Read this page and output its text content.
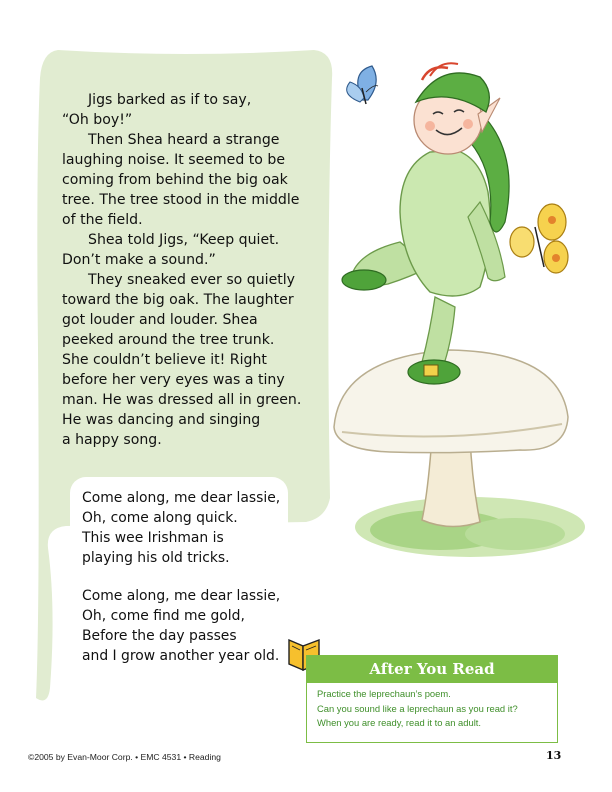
Jigs barked as if to say,

“Oh boy!”

Then Shea heard a strange

laughing noise. It seemed to be
coming from behind the big oak
tree. The tree stood in the middle
of the field.

Shea told Jigs, “Keep quiet.

Don’t make a sound.”

They sneaked ever so quietly

toward the big oak. The laughter
got louder and louder. Shea
peeked around the tree trunk.
She couldn’t believe it! Right
before her very eyes was a tiny
man. He was dressed all in green.
He was dancing and singing
a happy song.
Come along, me dear lassie,
Oh, come along quick.
This wee Irishman is
playing his old tricks.
Come along, me dear lassie,
Oh, come find me gold,
Before the day passes
and I grow another year old.
After You Read
Practice the leprechaun’s poem.
Can you sound like a leprechaun as you read it?
When you are ready, read it to an adult.
©2005 by Evan-Moor Corp. • EMC 4531 • Reading	13
